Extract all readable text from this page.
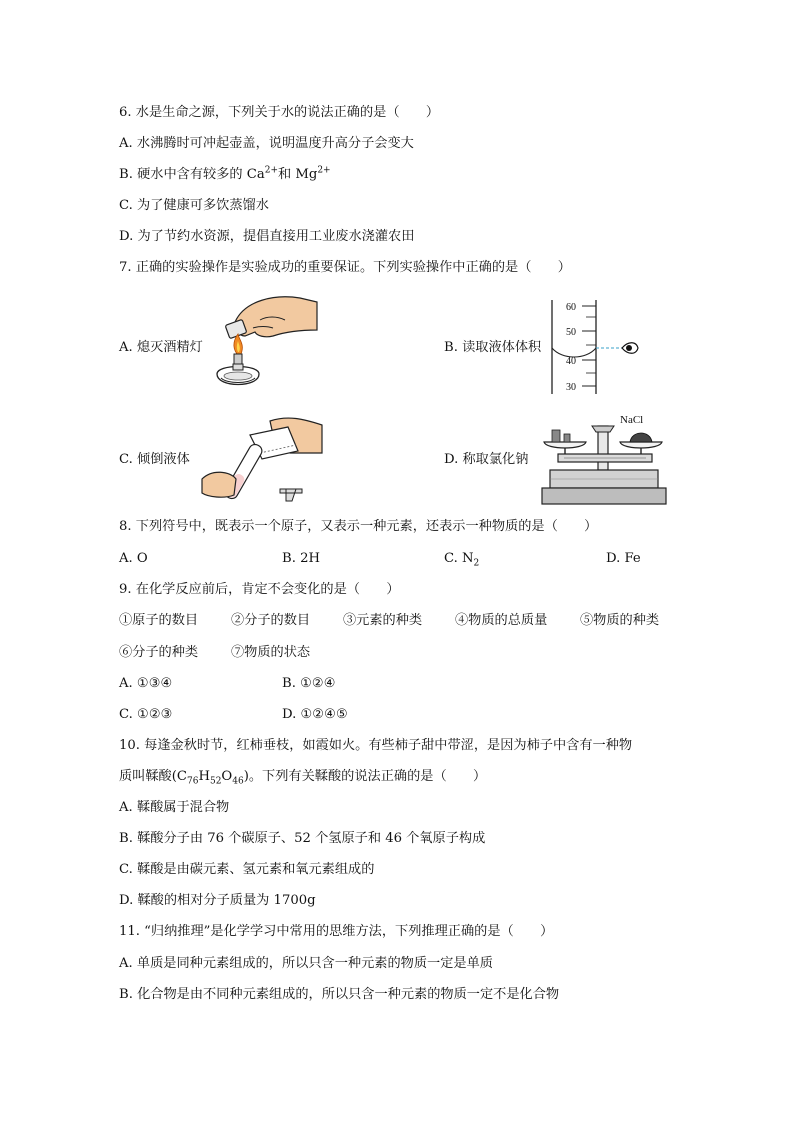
6. 水是生命之源，下列关于水的说法正确的是（　　）
A. 水沸腾时可冲起壶盖，说明温度升高分子会变大
B. 硬水中含有较多的 $Ca^{2+}$和 $Mg^{2+}$
C. 为了健康可多饮蒸馏水
D. 为了节约水资源，提倡直接用工业废水浇灌农田
7. 正确的实验操作是实验成功的重要保证。下列实验操作中正确的是（　　）
A. 熄灭酒精灯	B. 读取液体体积
60
50
40
30
C. 倾倒液体	D. 称取氯化钠
NaCl
8. 下列符号中，既表示一个原子，又表示一种元素，还表示一种物质的是（　　）
A. O	B. 2H	C. $N_2$	D. Fe
9. 在化学反应前后，肯定不会变化的是（　　）
①原子的数目 ②分子的数目 ③元素的种类 ④物质的总质量 ⑤物质的种类
⑥分子的种类 ⑦物质的状态
A. ①③④	B. ①②④
C. ①②③	D. ①②④⑤
10. 每逢金秋时节，红柿垂枝，如霞如火。有些柿子甜中带涩，是因为柿子中含有一种物
质叫鞣酸$(C_{76}H_{52}O_{46})$。下列有关鞣酸的说法正确的是（　　）
A. 鞣酸属于混合物
B. 鞣酸分子由 76 个碳原子、52 个氢原子和 46 个氧原子构成
C. 鞣酸是由碳元素、氢元素和氧元素组成的
D. 鞣酸的相对分子质量为 1700g
11. “归纳推理”是化学学习中常用的思维方法，下列推理正确的是（　　）
A. 单质是同种元素组成的，所以只含一种元素的物质一定是单质
B. 化合物是由不同种元素组成的，所以只含一种元素的物质一定不是化合物
